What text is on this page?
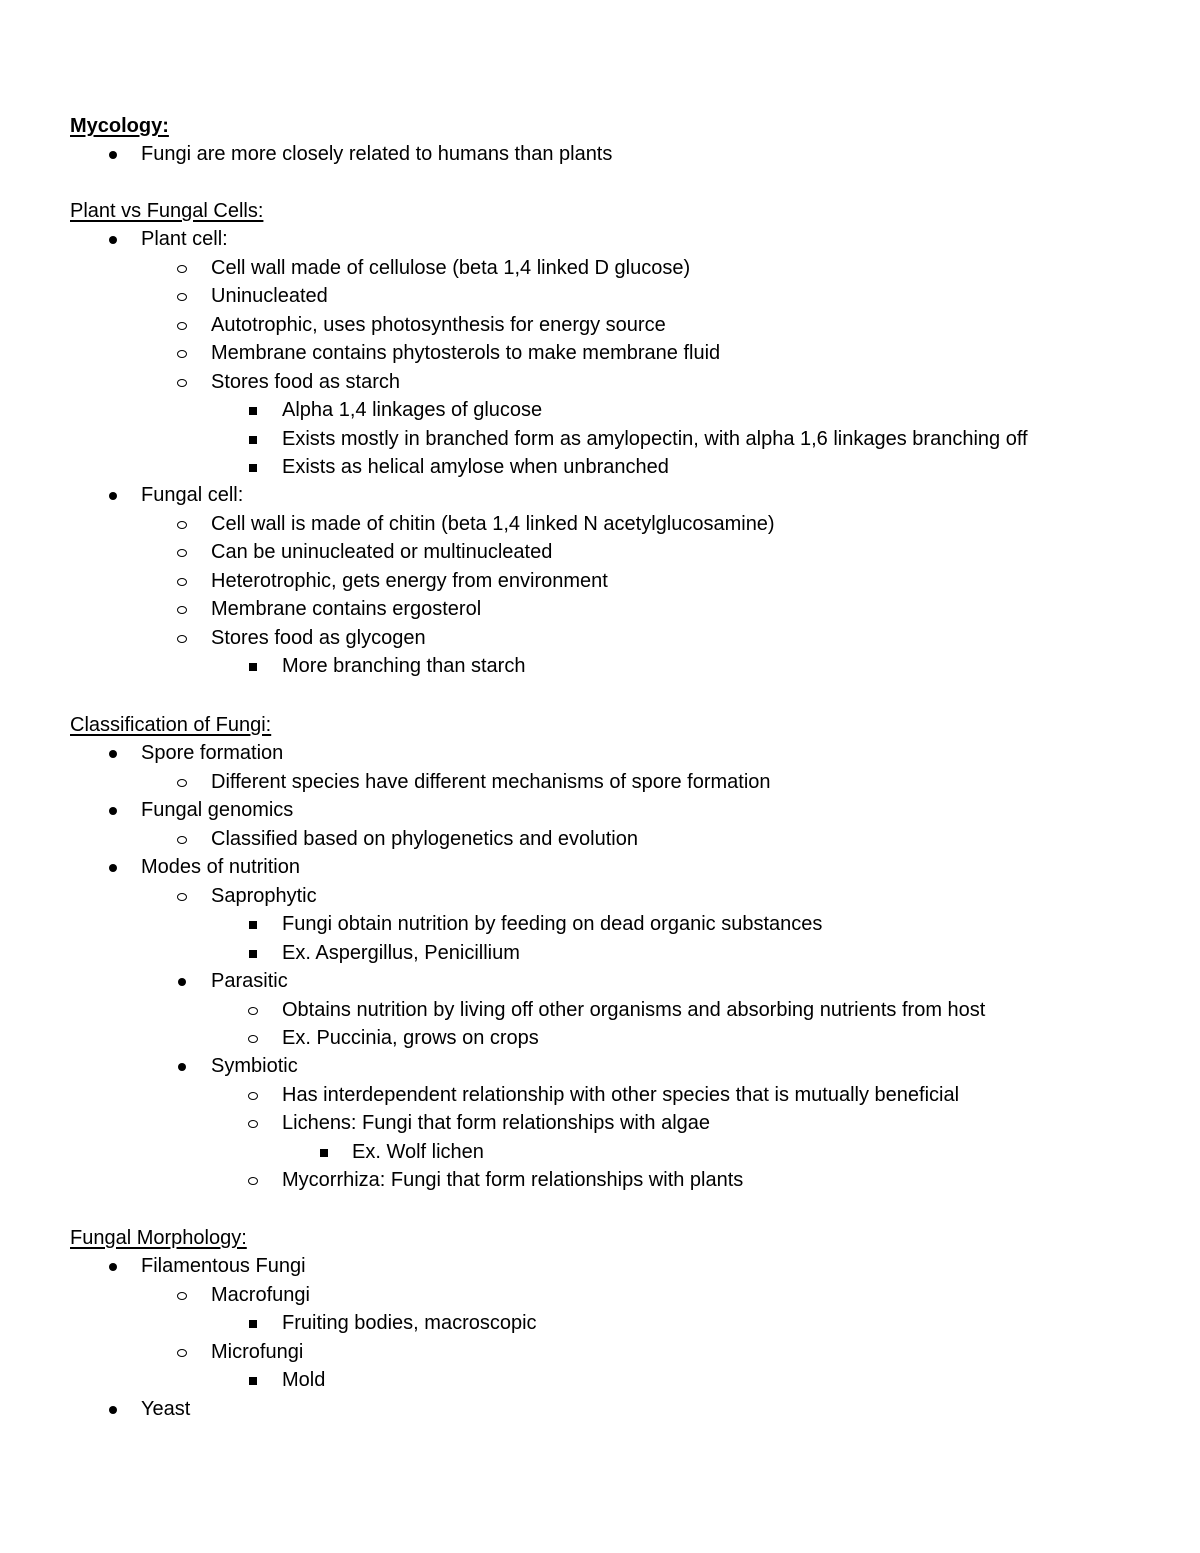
Mycology:
Fungi are more closely related to humans than plants
Plant vs Fungal Cells:
Plant cell:
Cell wall made of cellulose (beta 1,4 linked D glucose)
Uninucleated
Autotrophic, uses photosynthesis for energy source
Membrane contains phytosterols to make membrane fluid
Stores food as starch
Alpha 1,4 linkages of glucose
Exists mostly in branched form as amylopectin, with alpha 1,6 linkages branching off
Exists as helical amylose when unbranched
Fungal cell:
Cell wall is made of chitin (beta 1,4 linked N acetylglucosamine)
Can be uninucleated or multinucleated
Heterotrophic, gets energy from environment
Membrane contains ergosterol
Stores food as glycogen
More branching than starch
Classification of Fungi:
Spore formation
Different species have different mechanisms of spore formation
Fungal genomics
Classified based on phylogenetics and evolution
Modes of nutrition
Saprophytic
Fungi obtain nutrition by feeding on dead organic substances
Ex. Aspergillus, Penicillium
Parasitic
Obtains nutrition by living off other organisms and absorbing nutrients from host
Ex. Puccinia, grows on crops
Symbiotic
Has interdependent relationship with other species that is mutually beneficial
Lichens: Fungi that form relationships with algae
Ex. Wolf lichen
Mycorrhiza: Fungi that form relationships with plants
Fungal Morphology:
Filamentous Fungi
Macrofungi
Fruiting bodies, macroscopic
Microfungi
Mold
Yeast
